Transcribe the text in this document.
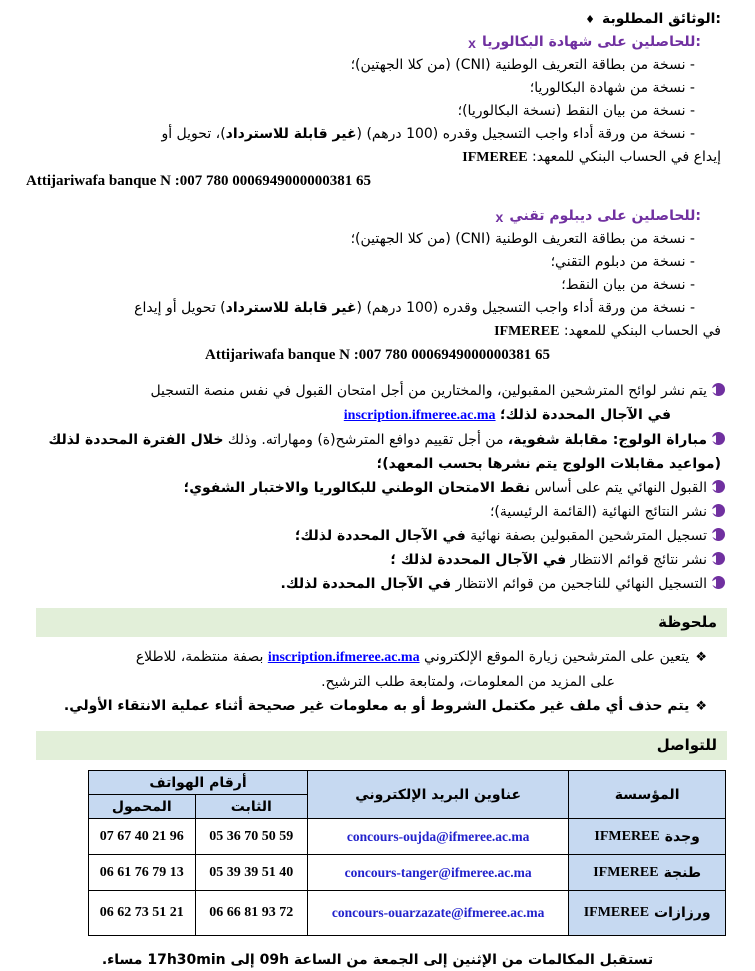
♦ الوثائق المطلوبة:
x للحاصلين على شهادة البكالوريا:
- نسخة من بطاقة التعريف الوطنية (CNI) (من كلا الجهتين)؛
- نسخة من شهادة البكالوريا؛
- نسخة من بيان النقط (نسخة البكالوريا)؛
- نسخة من ورقة أداء واجب التسجيل وقدره (100 درهم) (غير قابلة للاسترداد)، تحويل أو
إيداع في الحساب البنكي للمعهد: IFMEREE
Attijariwafa banque N :007 780 0006949000000381 65
x للحاصلين على ديبلوم تقني:
- نسخة من بطاقة التعريف الوطنية (CNI) (من كلا الجهتين)؛
- نسخة من دبلوم التقني؛
- نسخة من بيان النقط؛
- نسخة من ورقة أداء واجب التسجيل وقدره (100 درهم) (غير قابلة للاسترداد) تحويل أو إيداع
في الحساب البنكي للمعهد: IFMEREE
Attijariwafa banque N :007 780 0006949000000381 65
يتم نشر لوائح المترشحين المقبولين، والمختارين من أجل امتحان القبول في نفس منصة التسجيل
inscription.ifmeree.ac.ma في الآجال المحددة لذلك؛
مباراة الولوج: مقابلة شفوية، من أجل تقييم دوافع المترشح(ة) ومهاراته. وذلك خلال الفترة المحددة لذلك
(مواعيد مقابلات الولوج يتم نشرها بحسب المعهد)؛
القبول النهائي يتم على أساس نقط الامتحان الوطني للبكالوريا والاختبار الشفوي؛
نشر النتائج النهائية (القائمة الرئيسية)؛
تسجيل المترشحين المقبولين بصفة نهائية في الآجال المحددة لذلك؛
نشر نتائج قوائم الانتظار في الآجال المحددة لذلك ؛
التسجيل النهائي للناجحين من قوائم الانتظار في الآجال المحددة لذلك.
ملحوظة
❖يتعين على المترشحين زيارة الموقع الإلكتروني inscription.ifmeree.ac.ma بصفة منتظمة، للاطلاع
على المزيد من المعلومات، ولمتابعة طلب الترشيح.
❖يتم حذف أي ملف غير مكتمل الشروط أو به معلومات غير صحيحة أثناء عملية الانتقاء الأولي.
للتواصل
المؤسسة	عناوين البريد الإلكتروني	أرقام الهواتف	
		الثابت	المحمول

IFMEREE وجدة	concours-oujda@ifmeree.ac.ma	05 36 70 50 59	07 67 40 21 96

IFMEREE طنجة	concours-tanger@ifmeree.ac.ma	05 39 39 51 40	06 61 76 79 13

IFMEREE ورزازات	concours-ouarzazate@ifmeree.ac.ma	06 66 81 93 72	06 62 73 51 21
تستقبل المكالمات من الإثنين إلى الجمعة من الساعة 09h إلى 17h30min مساء.
